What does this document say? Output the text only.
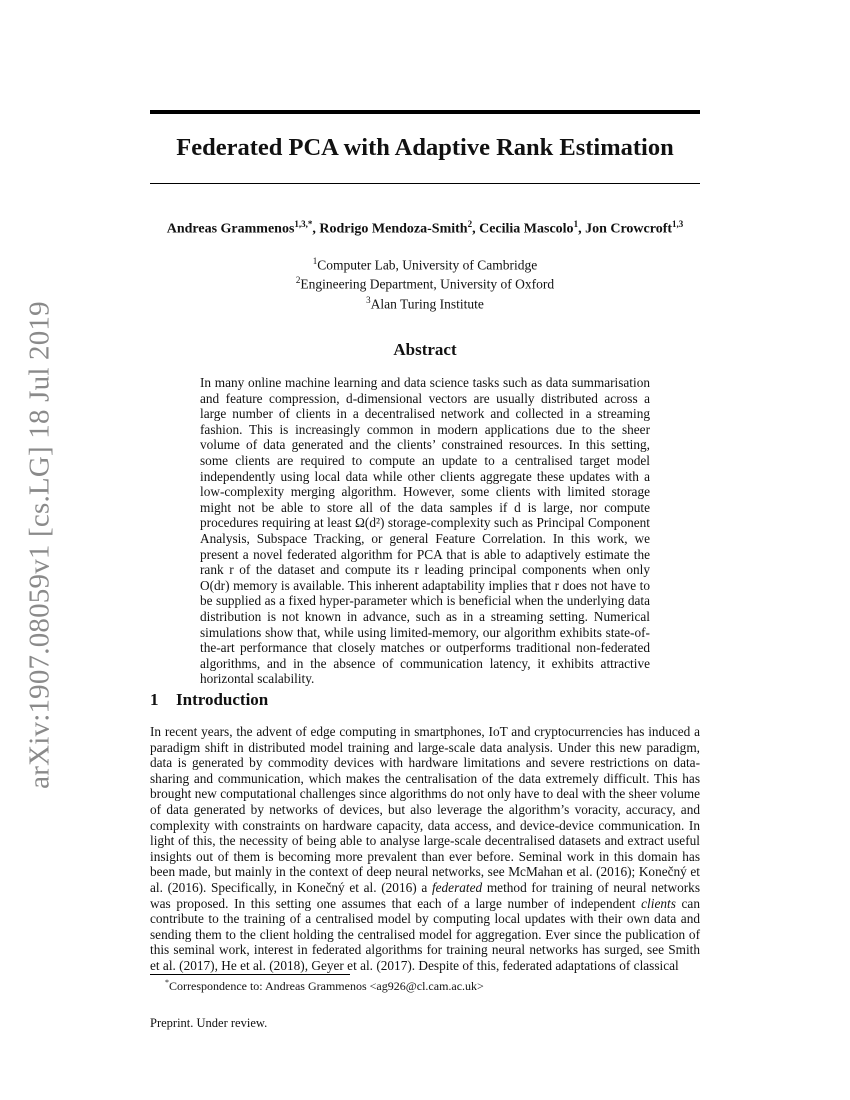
arXiv:1907.08059v1 [cs.LG] 18 Jul 2019
Federated PCA with Adaptive Rank Estimation
Andreas Grammenos$^{1,3,*}$, Rodrigo Mendoza-Smith$^2$, Cecilia Mascolo$^1$, Jon Crowcroft$^{1,3}$
$^1$Computer Lab, University of Cambridge
$^2$Engineering Department, University of Oxford
$^3$Alan Turing Institute
Abstract

In many online machine learning and data science tasks such as data summarisation and feature compression, d-dimensional vectors are usually distributed across a large number of clients in a decentralised network and collected in a streaming fashion. This is increasingly common in modern applications due to the sheer volume of data generated and the clients’ constrained resources. In this setting, some clients are required to compute an update to a centralised target model independently using local data while other clients aggregate these updates with a low-complexity merging algorithm. However, some clients with limited storage might not be able to store all of the data samples if d is large, nor compute procedures requiring at least Ω(d²) storage-complexity such as Principal Component Analysis, Subspace Tracking, or general Feature Correlation. In this work, we present a novel federated algorithm for PCA that is able to adaptively estimate the rank r of the dataset and compute its r leading principal components when only O(dr) memory is available. This inherent adaptability implies that r does not have to be supplied as a fixed hyper-parameter which is beneficial when the underlying data distribution is not known in advance, such as in a streaming setting. Numerical simulations show that, while using limited-memory, our algorithm exhibits state-of-the-art performance that closely matches or outperforms traditional non-federated algorithms, and in the absence of communication latency, it exhibits attractive horizontal scalability.

1 Introduction

In recent years, the advent of edge computing in smartphones, IoT and cryptocurrencies has induced a paradigm shift in distributed model training and large-scale data analysis. Under this new paradigm, data is generated by commodity devices with hardware limitations and severe restrictions on data-sharing and communication, which makes the centralisation of the data extremely difficult. This has brought new computational challenges since algorithms do not only have to deal with the sheer volume of data generated by networks of devices, but also leverage the algorithm’s voracity, accuracy, and complexity with constraints on hardware capacity, data access, and device-device communication. In light of this, the necessity of being able to analyse large-scale decentralised datasets and extract useful insights out of them is becoming more prevalent than ever before. Seminal work in this domain has been made, but mainly in the context of deep neural networks, see McMahan et al. (2016); Konečný et al. (2016). Specifically, in Konečný et al. (2016) a federated method for training of neural networks was proposed. In this setting one assumes that each of a large number of independent clients can contribute to the training of a centralised model by computing local updates with their own data and sending them to the client holding the centralised model for aggregation. Ever since the publication of this seminal work, interest in federated algorithms for training neural networks has surged, see Smith et al. (2017), He et al. (2018), Geyer et al. (2017). Despite of this, federated adaptations of classical

*Correspondence to: Andreas Grammenos <ag926@cl.cam.ac.uk>
Preprint. Under review.
